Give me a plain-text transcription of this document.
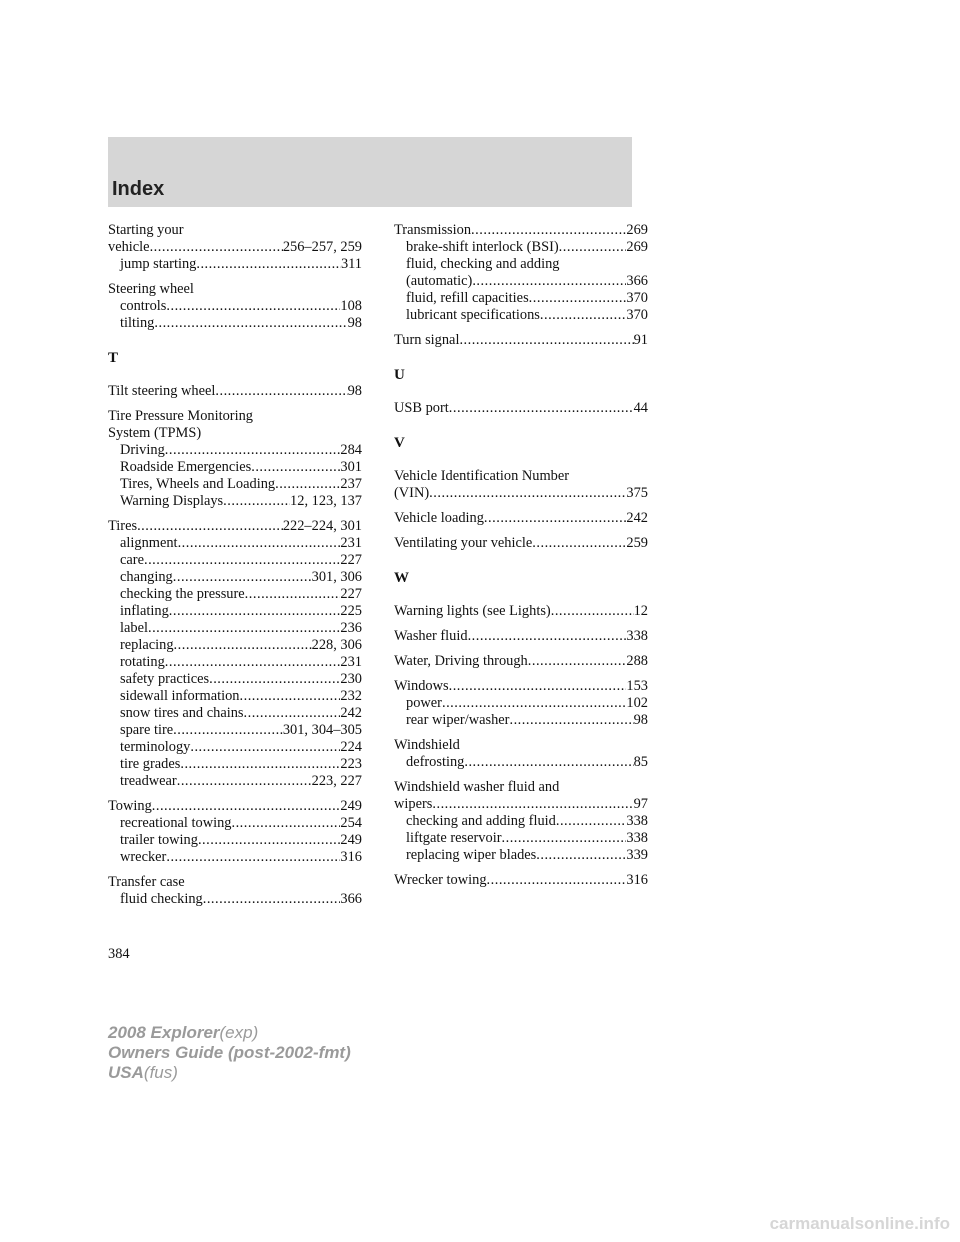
Index
Starting your
vehicle .....	256–257, 259
jump starting .....	311
Steering wheel
controls .....	108
tilting .....	98
T
Tilt steering wheel .....	98
Tire Pressure Monitoring
System (TPMS)
Driving .....	284
Roadside Emergencies .....	301
Tires, Wheels and Loading .....	237
Warning Displays .....	12, 123, 137
Tires .....	222–224, 301
alignment .....	231
care .....	227
changing .....	301, 306
checking the pressure .....	227
inflating .....	225
label .....	236
replacing .....	228, 306
rotating .....	231
safety practices .....	230
sidewall information .....	232
snow tires and chains .....	242
spare tire .....	301, 304–305
terminology .....	224
tire grades .....	223
treadwear .....	223, 227
Towing .....	249
recreational towing .....	254
trailer towing .....	249
wrecker .....	316
Transfer case
fluid checking .....	366
Transmission .....	269
brake-shift interlock (BSI) .....	269
fluid, checking and adding
(automatic) .....	366
fluid, refill capacities .....	370
lubricant specifications .....	370
Turn signal .....	91
U
USB port .....	44
V
Vehicle Identification Number
(VIN) .....	375
Vehicle loading .....	242
Ventilating your vehicle .....	259
W
Warning lights (see Lights) .....	12
Washer fluid .....	338
Water, Driving through .....	288
Windows .....	153
power .....	102
rear wiper/washer .....	98
Windshield
defrosting .....	85
Windshield washer fluid and
wipers .....	97
checking and adding fluid .....	338
liftgate reservoir .....	338
replacing wiper blades .....	339
Wrecker towing .....	316
384
2008 Explorer(exp)
Owners Guide (post-2002-fmt)
USA(fus)
carmanualsonline.info
